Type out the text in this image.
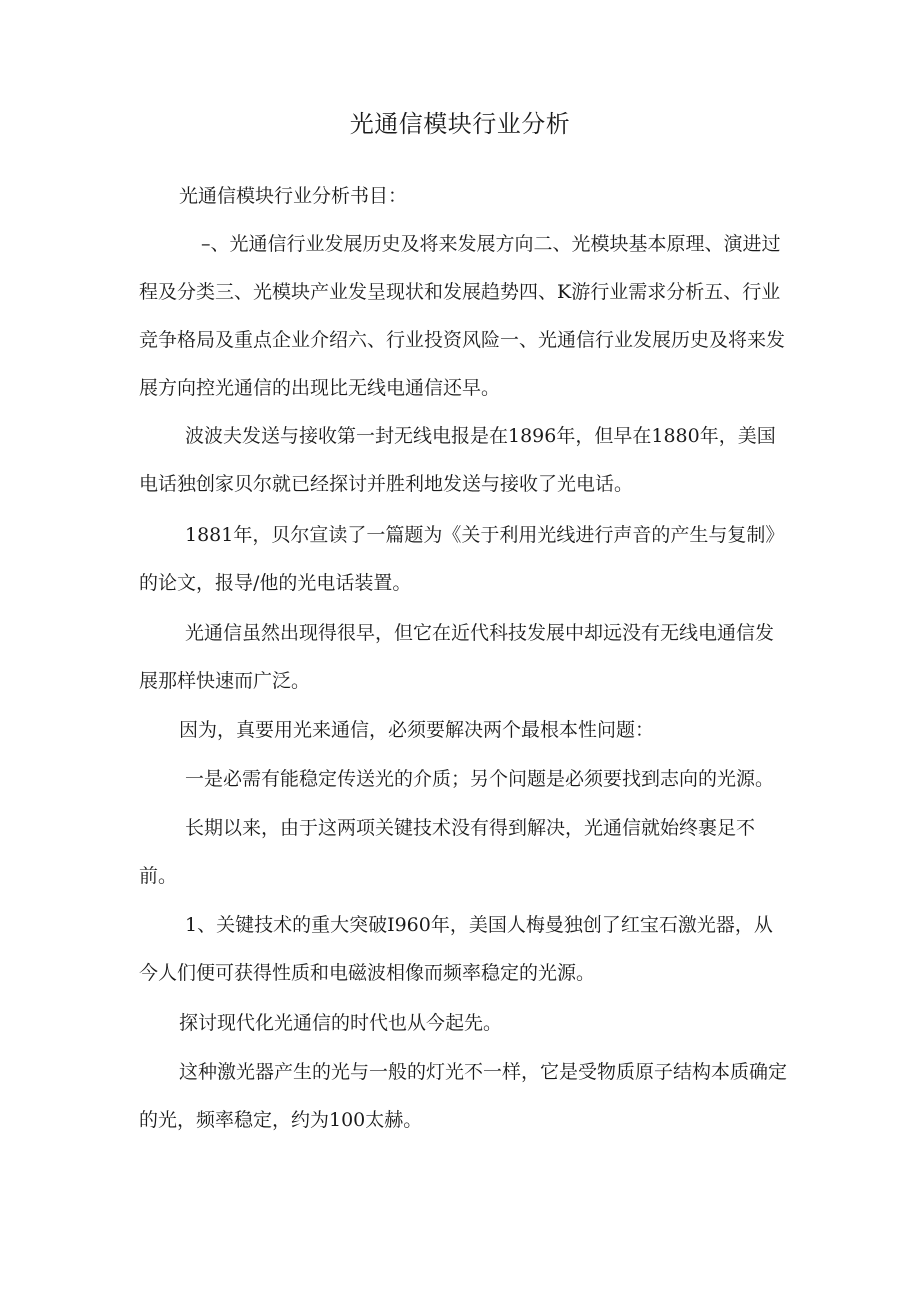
光通信模块行业分析

光通信模块行业分析书目：

–、光通信行业发展历史及将来发展方向二、光模块基本原理、演进过程及分类三、光模块产业发呈现状和发展趋势四、K游行业需求分析五、行业竞争格局及重点企业介绍六、行业投资风险一、光通信行业发展历史及将来发展方向控光通信的出现比无线电通信还早。

波波夫发送与接收第一封无线电报是在1896年，但早在1880年，美国电话独创家贝尔就已经探讨并胜利地发送与接收了光电话。

1881年，贝尔宣读了一篇题为《关于利用光线进行声音的产生与复制》的论文，报导/他的光电话装置。

光通信虽然出现得很早，但它在近代科技发展中却远没有无线电通信发展那样快速而广泛。

因为，真要用光来通信，必须要解决两个最根本性问题：

一是必需有能稳定传送光的介质；另个问题是必须要找到志向的光源。

长期以来，由于这两项关键技术没有得到解决，光通信就始终裹足不前。

1、关键技术的重大突破I960年，美国人梅曼独创了红宝石激光器，从今人们便可获得性质和电磁波相像而频率稳定的光源。

探讨现代化光通信的时代也从今起先。

这种激光器产生的光与一般的灯光不一样，它是受物质原子结构本质确定的光，频率稳定，约为100太赫。
